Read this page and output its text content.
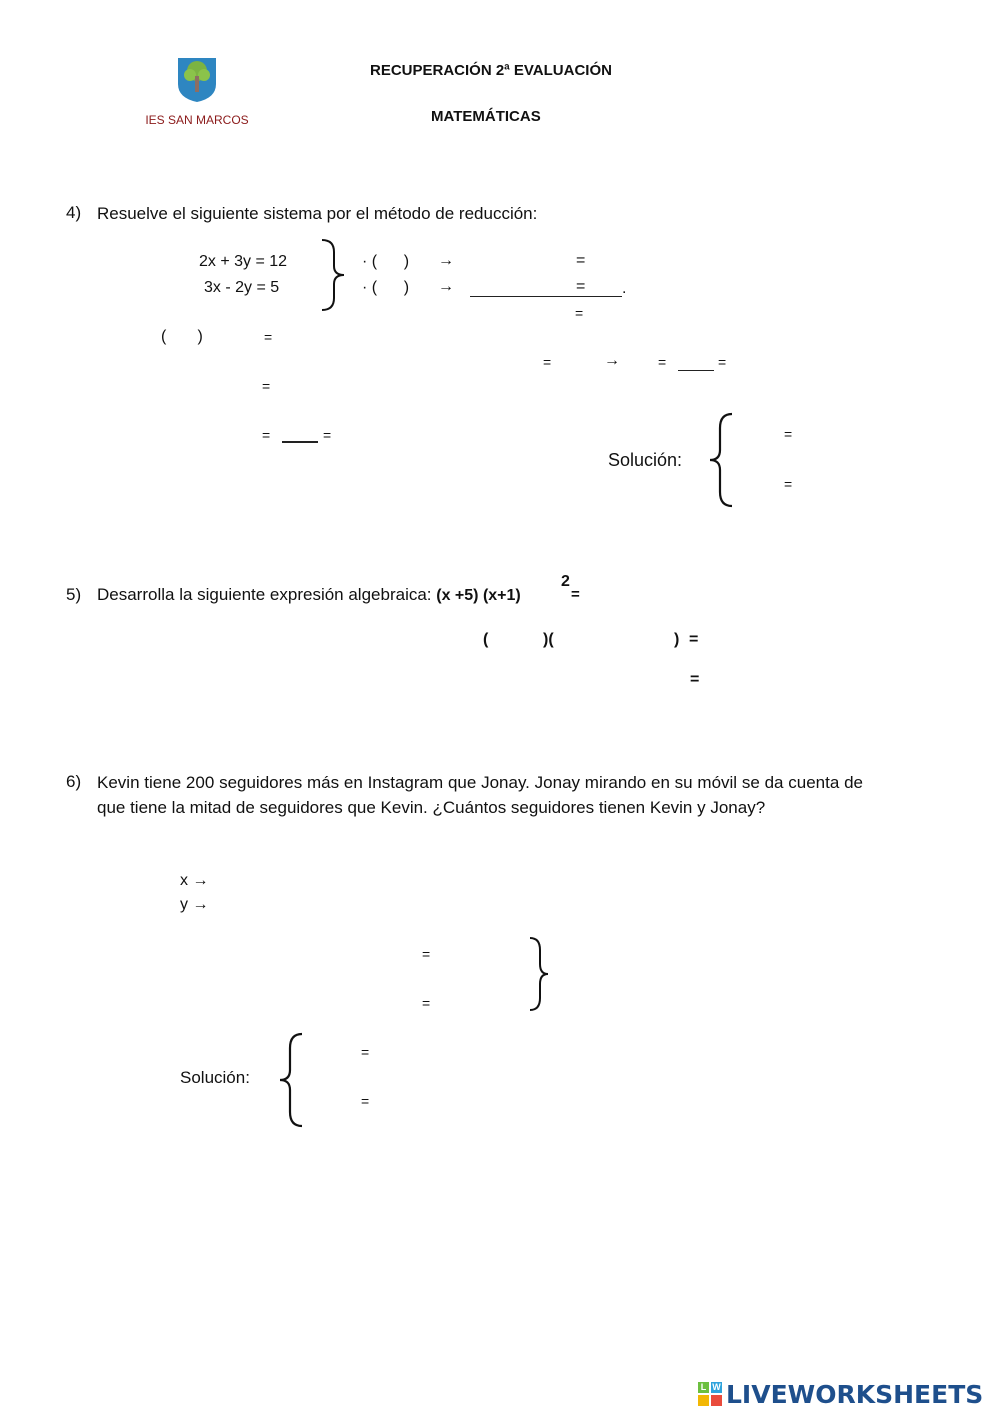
IES SAN MARCOS
RECUPERACIÓN 2ª EVALUACIÓN
MATEMÁTICAS
4) Resuelve el siguiente sistema por el método de reducción:
2x + 3y = 12
3x - 2y = 5
· (      )
· (      )
→
→
=
= .
=
(       )	=
=	→	=	=
=
=	=
Solución:
=
=
5) Desarrolla la siguiente expresión algebraica: (x +5) (x+1)
2
=
(	)(	) =
=
6) Kevin tiene 200 seguidores más en Instagram que Jonay. Jonay mirando en su móvil se da cuenta de que tiene la mitad de seguidores que Kevin. ¿Cuántos seguidores tienen Kevin y Jonay?
x →
y →
=
=
Solución:
=
=
L W LIVEWORKSHEETS
